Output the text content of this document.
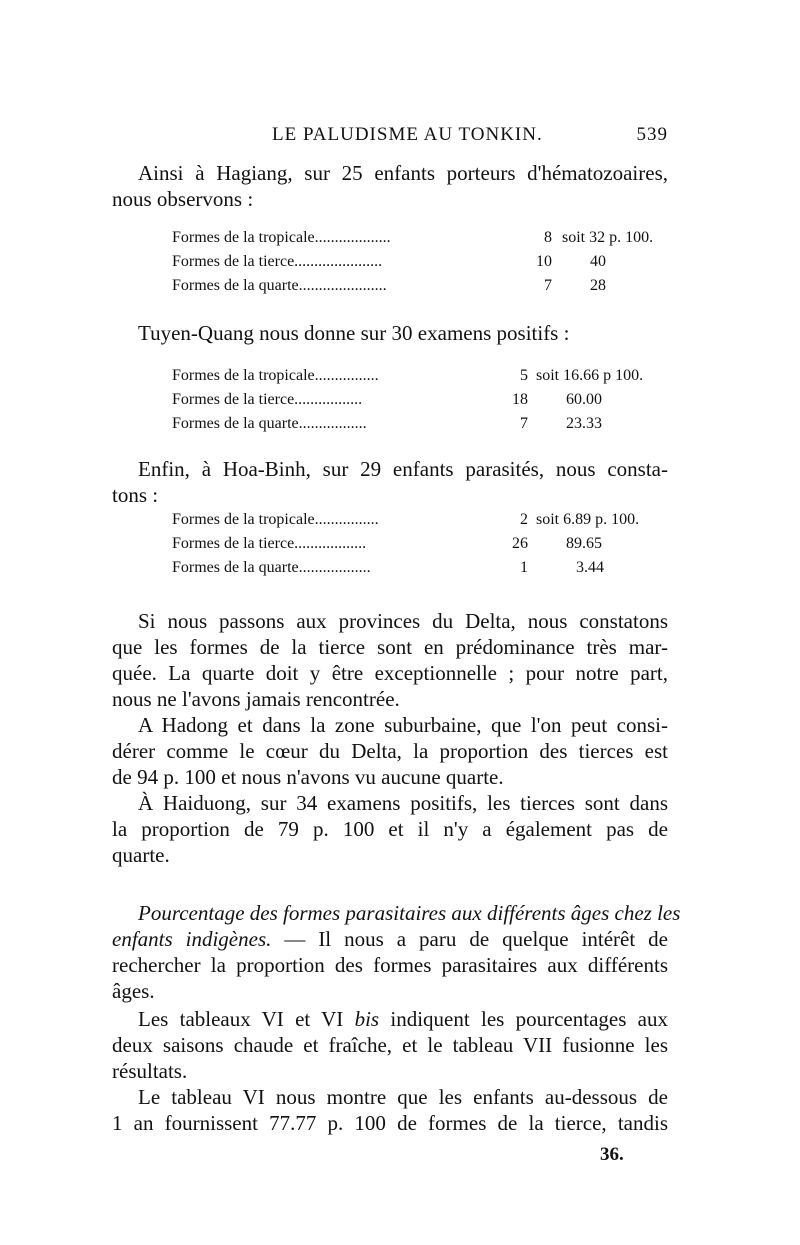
LE PALUDISME AU TONKIN.	539

Ainsi à Hagiang, sur 25 enfants porteurs d'hématozoaires,
nous observons :

Formes de la tropicale...................	8 soit 32 p. 100.
Formes de la tierce......................	10 40
Formes de la quarte......................	7 28

Tuyen-Quang nous donne sur 30 examens positifs :

Formes de la tropicale................	5 soit 16.66 p 100.
Formes de la tierce.................	18 60.00
Formes de la quarte.................	7 23.33

Enfin, à Hoa-Binh, sur 29 enfants parasités, nous consta-
tons :

Formes de la tropicale................	2 soit 6.89 p. 100.
Formes de la tierce..................	26 89.65
Formes de la quarte..................	1	3.44

Si nous passons aux provinces du Delta, nous constatons
que les formes de la tierce sont en prédominance très mar-
quée. La quarte doit y être exceptionnelle ; pour notre part,
nous ne l'avons jamais rencontrée.

A Hadong et dans la zone suburbaine, que l'on peut consi-
dérer comme le cœur du Delta, la proportion des tierces est
de 94 p. 100 et nous n'avons vu aucune quarte.

À Haiduong, sur 34 examens positifs, les tierces sont dans
la proportion de 79 p. 100 et il n'y a également pas de
quarte.

Pourcentage des formes parasitaires aux différents âges chez les
enfants indigènes. — Il nous a paru de quelque intérêt de
rechercher la proportion des formes parasitaires aux différents
âges.

Les tableaux VI et VI bis indiquent les pourcentages aux
deux saisons chaude et fraîche, et le tableau VII fusionne les
résultats.

Le tableau VI nous montre que les enfants au-dessous de
1 an fournissent 77.77 p. 100 de formes de la tierce, tandis

36.
